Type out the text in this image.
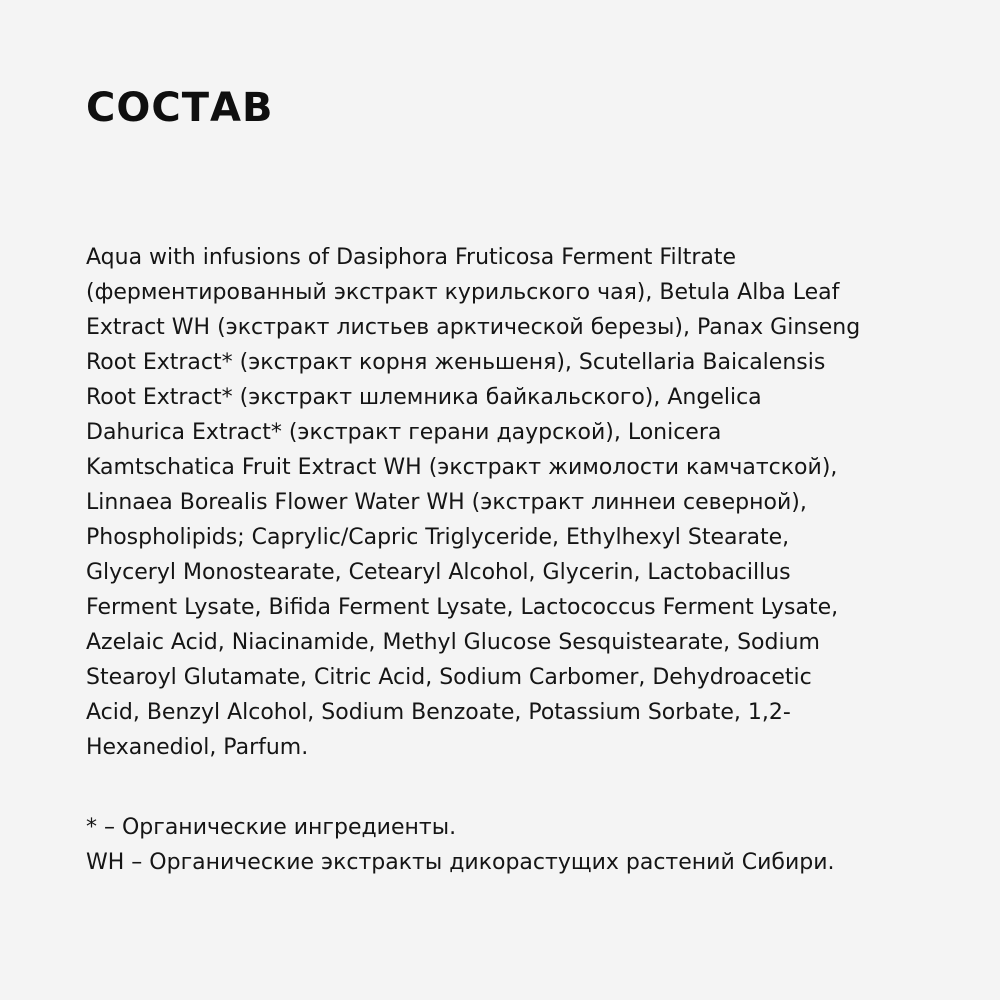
СОСТАВ
Aqua with infusions of Dasiphora Fruticosa Ferment Filtrate
(ферментированный экстракт курильского чая), Betula Alba Leaf
Extract WH (экстракт листьев арктической березы), Panax Ginseng
Root Extract* (экстракт корня женьшеня), Scutellaria Baicalensis
Root Extract* (экстракт шлемника байкальского), Angelica
Dahurica Extract* (экстракт герани даурской), Lonicera
Kamtschatica Fruit Extract WH (экстракт жимолости камчатской),
Linnaea Borealis Flower Water WH (экстракт линнеи северной),
Phospholipids; Caprylic/Capric Triglyceride, Ethylhexyl Stearate,
Glyceryl Monostearate, Cetearyl Alcohol, Glycerin, Lactobacillus
Ferment Lysate, Bifida Ferment Lysate, Lactococcus Ferment Lysate,
Azelaic Acid, Niacinamide, Methyl Glucose Sesquistearate, Sodium
Stearoyl Glutamate, Citric Acid, Sodium Carbomer, Dehydroacetic
Acid, Benzyl Alcohol, Sodium Benzoate, Potassium Sorbate, 1,2-
Hexanediol, Parfum.
* – Органические ингредиенты.
WH – Органические экстракты дикорастущих растений Сибири.
